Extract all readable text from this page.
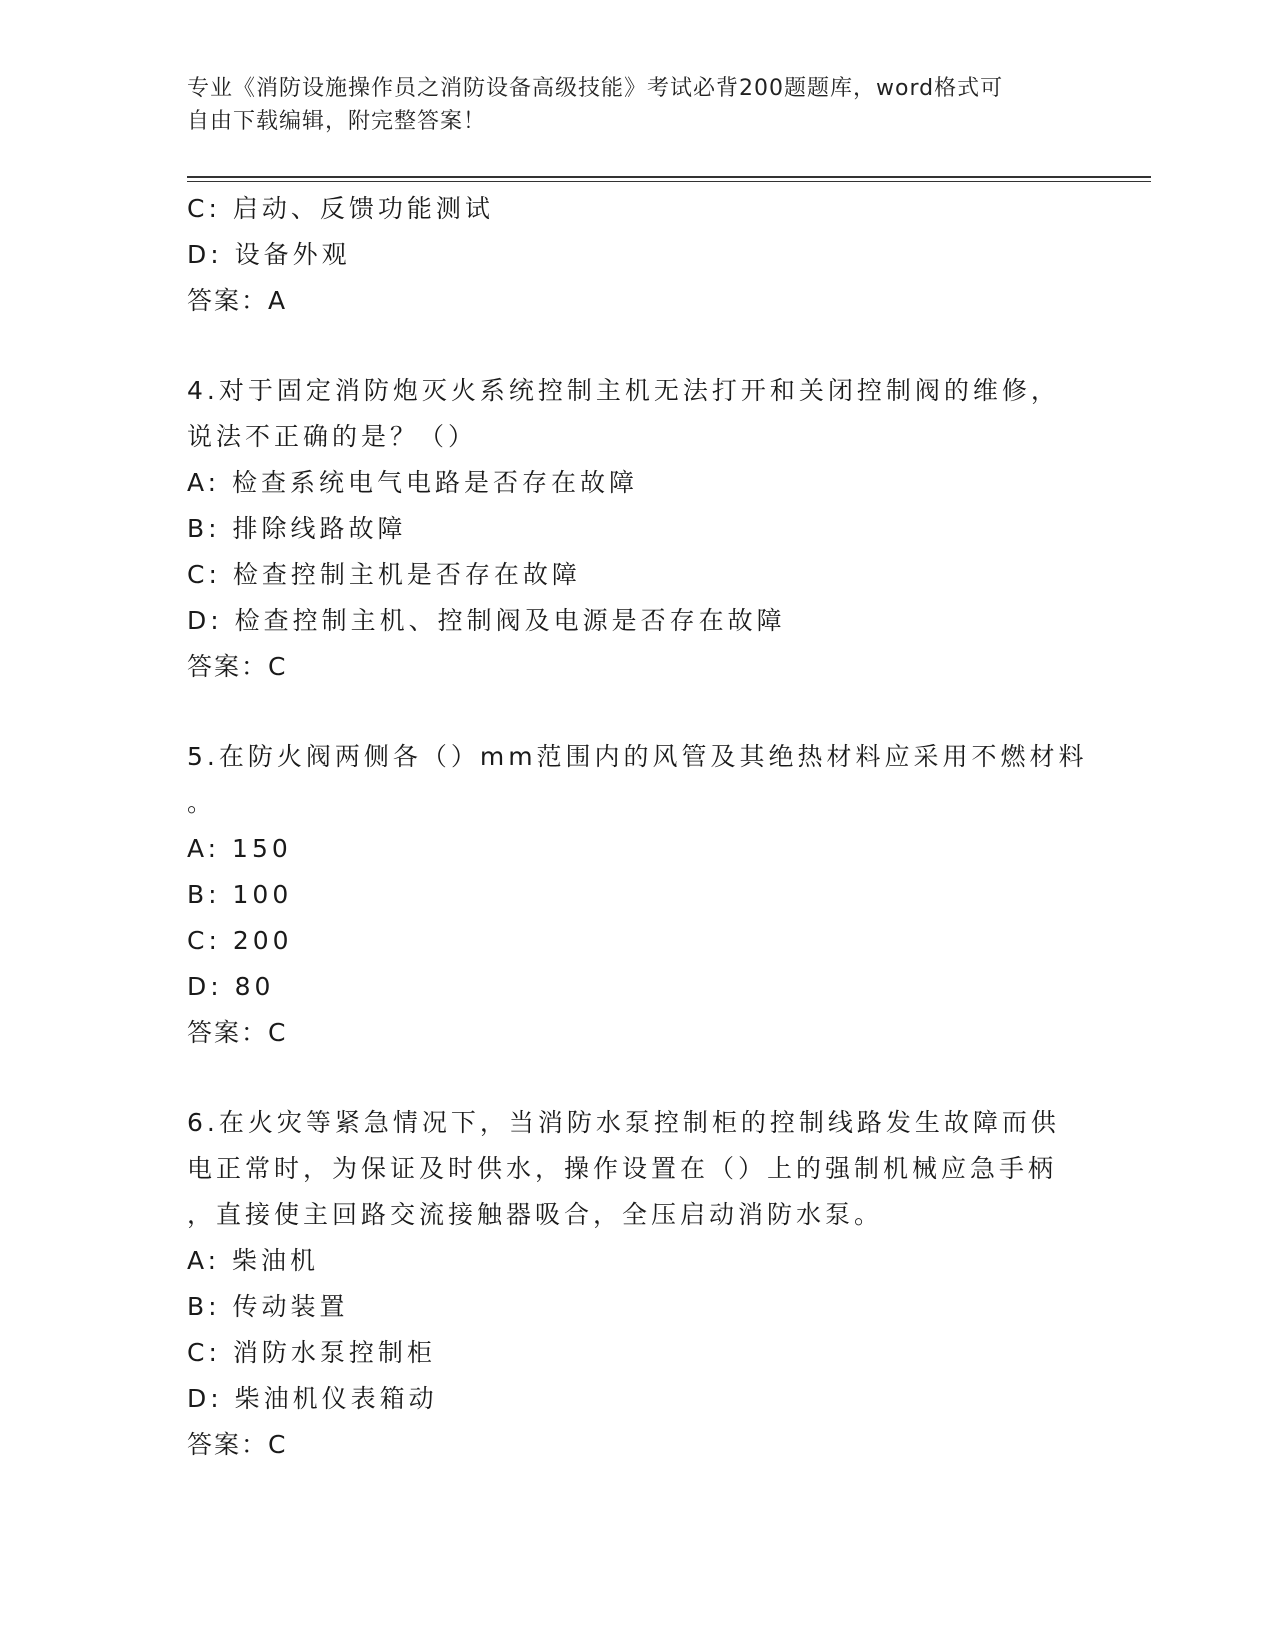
专业《消防设施操作员之消防设备高级技能》考试必背200题题库，word格式可
自由下载编辑，附完整答案！
C: 启动、反馈功能测试
D: 设备外观
答案：A
4.对于固定消防炮灭火系统控制主机无法打开和关闭控制阀的维修，
说法不正确的是？（）
A: 检查系统电气电路是否存在故障
B: 排除线路故障
C: 检查控制主机是否存在故障
D: 检查控制主机、控制阀及电源是否存在故障
答案：C
5.在防火阀两侧各（）mm范围内的风管及其绝热材料应采用不燃材料
。
A: 150
B: 100
C: 200
D: 80
答案：C
6.在火灾等紧急情况下，当消防水泵控制柜的控制线路发生故障而供
电正常时，为保证及时供水，操作设置在（）上的强制机械应急手柄
，直接使主回路交流接触器吸合，全压启动消防水泵。
A: 柴油机
B: 传动装置
C: 消防水泵控制柜
D: 柴油机仪表箱动
答案：C
